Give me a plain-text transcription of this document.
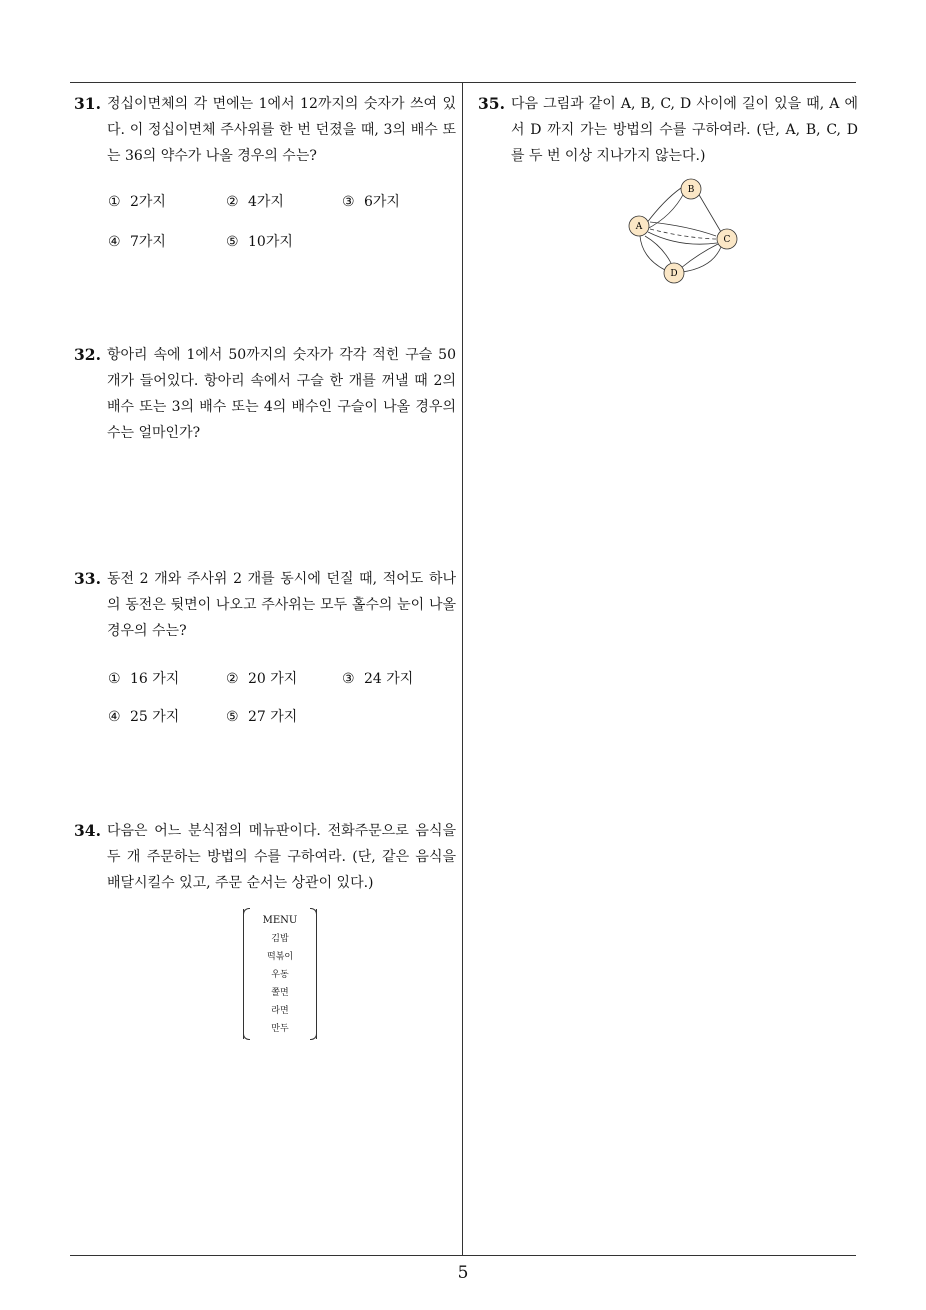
31. 정십이면체의 각 면에는 1에서 12까지의 숫자가 쓰여 있다. 이 정십이면체 주사위를 한 번 던졌을 때, 3의 배수 또는 36의 약수가 나올 경우의 수는?
① 2가지	② 4가지	③ 6가지
④ 7가지	⑤ 10가지
32. 항아리 속에 1에서 50까지의 숫자가 각각 적힌 구슬 50개가 들어있다. 항아리 속에서 구슬 한 개를 꺼낼 때 2의 배수 또는 3의 배수 또는 4의 배수인 구슬이 나올 경우의 수는 얼마인가?
33. 동전 2 개와 주사위 2 개를 동시에 던질 때, 적어도 하나의 동전은 뒷면이 나오고 주사위는 모두 홀수의 눈이 나올 경우의 수는?
① 16 가지	② 20 가지	③ 24 가지
④ 25 가지	⑤ 27 가지
34. 다음은 어느 분식점의 메뉴판이다. 전화주문으로 음식을 두 개 주문하는 방법의 수를 구하여라. (단, 같은 음식을 배달시킬수 있고, 주문 순서는 상관이 있다.)
MENU
김밥
떡볶이
우동
쫄면
라면
만두
35. 다음 그림과 같이 A, B, C, D 사이에 길이 있을 때, A 에서 D 까지 가는 방법의 수를 구하여라. (단, A, B, C, D 를 두 번 이상 지나가지 않는다.)
A
B
C
D
5
